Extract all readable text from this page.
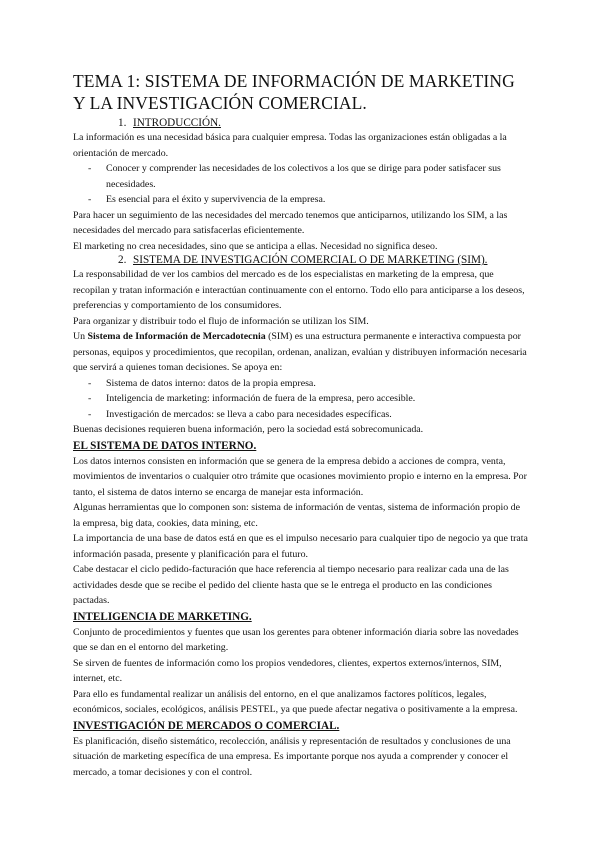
TEMA 1: SISTEMA DE INFORMACIÓN DE MARKETING Y LA INVESTIGACIÓN COMERCIAL.
1. INTRODUCCIÓN.

La información es una necesidad básica para cualquier empresa. Todas las organizaciones están obligadas a la orientación de mercado.

- Conocer y comprender las necesidades de los colectivos a los que se dirige para poder satisfacer sus necesidades.
- Es esencial para el éxito y supervivencia de la empresa.

Para hacer un seguimiento de las necesidades del mercado tenemos que anticiparnos, utilizando los SIM, a las necesidades del mercado para satisfacerlas eficientemente.

El marketing no crea necesidades, sino que se anticipa a ellas. Necesidad no significa deseo.

2. SISTEMA DE INVESTIGACIÓN COMERCIAL O DE MARKETING (SIM).

La responsabilidad de ver los cambios del mercado es de los especialistas en marketing de la empresa, que recopilan y tratan información e interactúan continuamente con el entorno. Todo ello para anticiparse a los deseos, preferencias y comportamiento de los consumidores.

Para organizar y distribuir todo el flujo de información se utilizan los SIM.

Un Sistema de Información de Mercadotecnia (SIM) es una estructura permanente e interactiva compuesta por personas, equipos y procedimientos, que recopilan, ordenan, analizan, evalúan y distribuyen información necesaria que servirá a quienes toman decisiones. Se apoya en:

- Sistema de datos interno: datos de la propia empresa.
- Inteligencia de marketing: información de fuera de la empresa, pero accesible.
- Investigación de mercados: se lleva a cabo para necesidades específicas.

Buenas decisiones requieren buena información, pero la sociedad está sobrecomunicada.

EL SISTEMA DE DATOS INTERNO.

Los datos internos consisten en información que se genera de la empresa debido a acciones de compra, venta, movimientos de inventarios o cualquier otro trámite que ocasiones movimiento propio e interno en la empresa. Por tanto, el sistema de datos interno se encarga de manejar esta información.

Algunas herramientas que lo componen son: sistema de información de ventas, sistema de información propio de la empresa, big data, cookies, data mining, etc.

La importancia de una base de datos está en que es el impulso necesario para cualquier tipo de negocio ya que trata información pasada, presente y planificación para el futuro.

Cabe destacar el ciclo pedido-facturación que hace referencia al tiempo necesario para realizar cada una de las actividades desde que se recibe el pedido del cliente hasta que se le entrega el producto en las condiciones pactadas.

INTELIGENCIA DE MARKETING.

Conjunto de procedimientos y fuentes que usan los gerentes para obtener información diaria sobre las novedades que se dan en el entorno del marketing.

Se sirven de fuentes de información como los propios vendedores, clientes, expertos externos/internos, SIM, internet, etc.

Para ello es fundamental realizar un análisis del entorno, en el que analizamos factores políticos, legales, económicos, sociales, ecológicos, análisis PESTEL, ya que puede afectar negativa o positivamente a la empresa.

INVESTIGACIÓN DE MERCADOS O COMERCIAL.

Es planificación, diseño sistemático, recolección, análisis y representación de resultados y conclusiones de una situación de marketing específica de una empresa. Es importante porque nos ayuda a comprender y conocer el mercado, a tomar decisiones y con el control.
